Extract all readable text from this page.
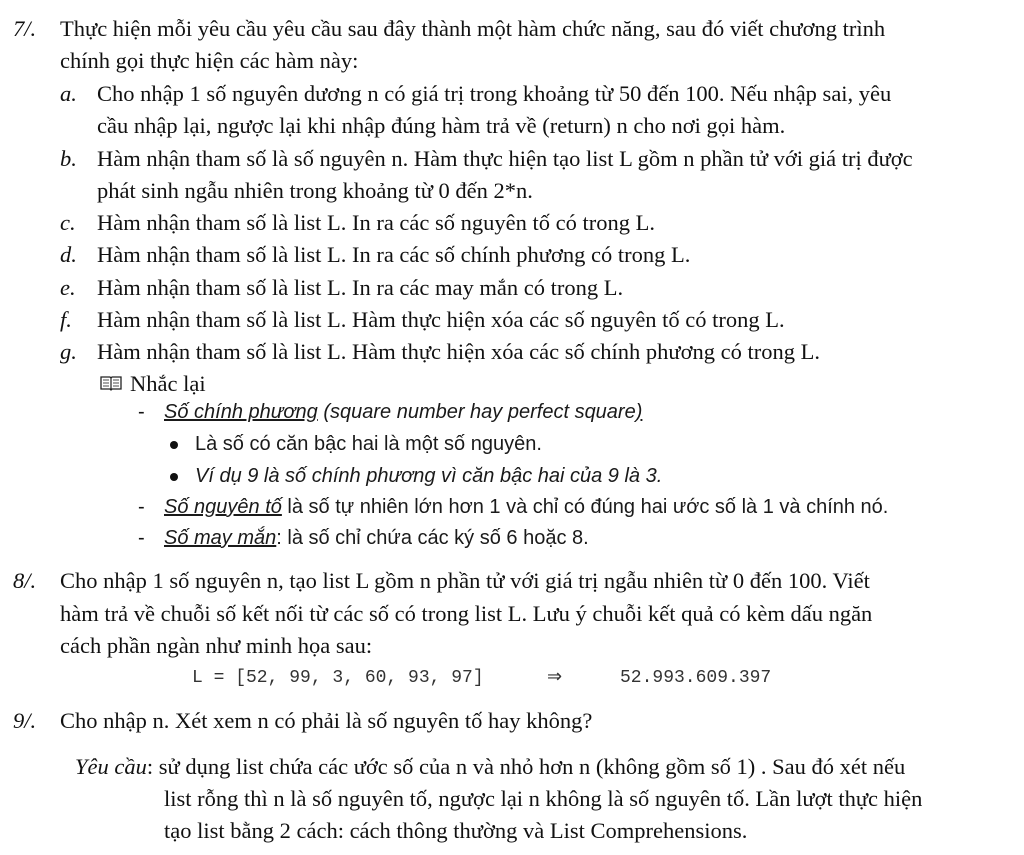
7/. Thực hiện mỗi yêu cầu yêu cầu sau đây thành một hàm chức năng, sau đó viết chương trình
chính gọi thực hiện các hàm này:
a. Cho nhập 1 số nguyên dương n có giá trị trong khoảng từ 50 đến 100. Nếu nhập sai, yêu
cầu nhập lại, ngược lại khi nhập đúng hàm trả về (return) n cho nơi gọi hàm.
b. Hàm nhận tham số là số nguyên n. Hàm thực hiện tạo list L gồm n phần tử với giá trị được
phát sinh ngẫu nhiên trong khoảng từ 0 đến 2*n.
c. Hàm nhận tham số là list L. In ra các số nguyên tố có trong L.
d. Hàm nhận tham số là list L. In ra các số chính phương có trong L.
e. Hàm nhận tham số là list L. In ra các may mắn có trong L.
f. Hàm nhận tham số là list L. Hàm thực hiện xóa các số nguyên tố có trong L.
g. Hàm nhận tham số là list L. Hàm thực hiện xóa các số chính phương có trong L.
Nhắc lại
- Số chính phương (square number hay perfect square)
Là số có căn bậc hai là một số nguyên.
Ví dụ 9 là số chính phương vì căn bậc hai của 9 là 3.
- Số nguyên tố là số tự nhiên lớn hơn 1 và chỉ có đúng hai ước số là 1 và chính nó.
- Số may mắn: là số chỉ chứa các ký số 6 hoặc 8.
8/. Cho nhập 1 số nguyên n, tạo list L gồm n phần tử với giá trị ngẫu nhiên từ 0 đến 100. Viết
hàm trả về chuỗi số kết nối từ các số có trong list L. Lưu ý chuỗi kết quả có kèm dấu ngăn
cách phần ngàn như minh họa sau:
L = [52, 99, 3, 60, 93, 97]	⇒	52.993.609.397
9/. Cho nhập n. Xét xem n có phải là số nguyên tố hay không?
Yêu cầu: sử dụng list chứa các ước số của n và nhỏ hơn n (không gồm số 1) . Sau đó xét nếu
list rỗng thì n là số nguyên tố, ngược lại n không là số nguyên tố. Lần lượt thực hiện
tạo list bằng 2 cách: cách thông thường và List Comprehensions.
